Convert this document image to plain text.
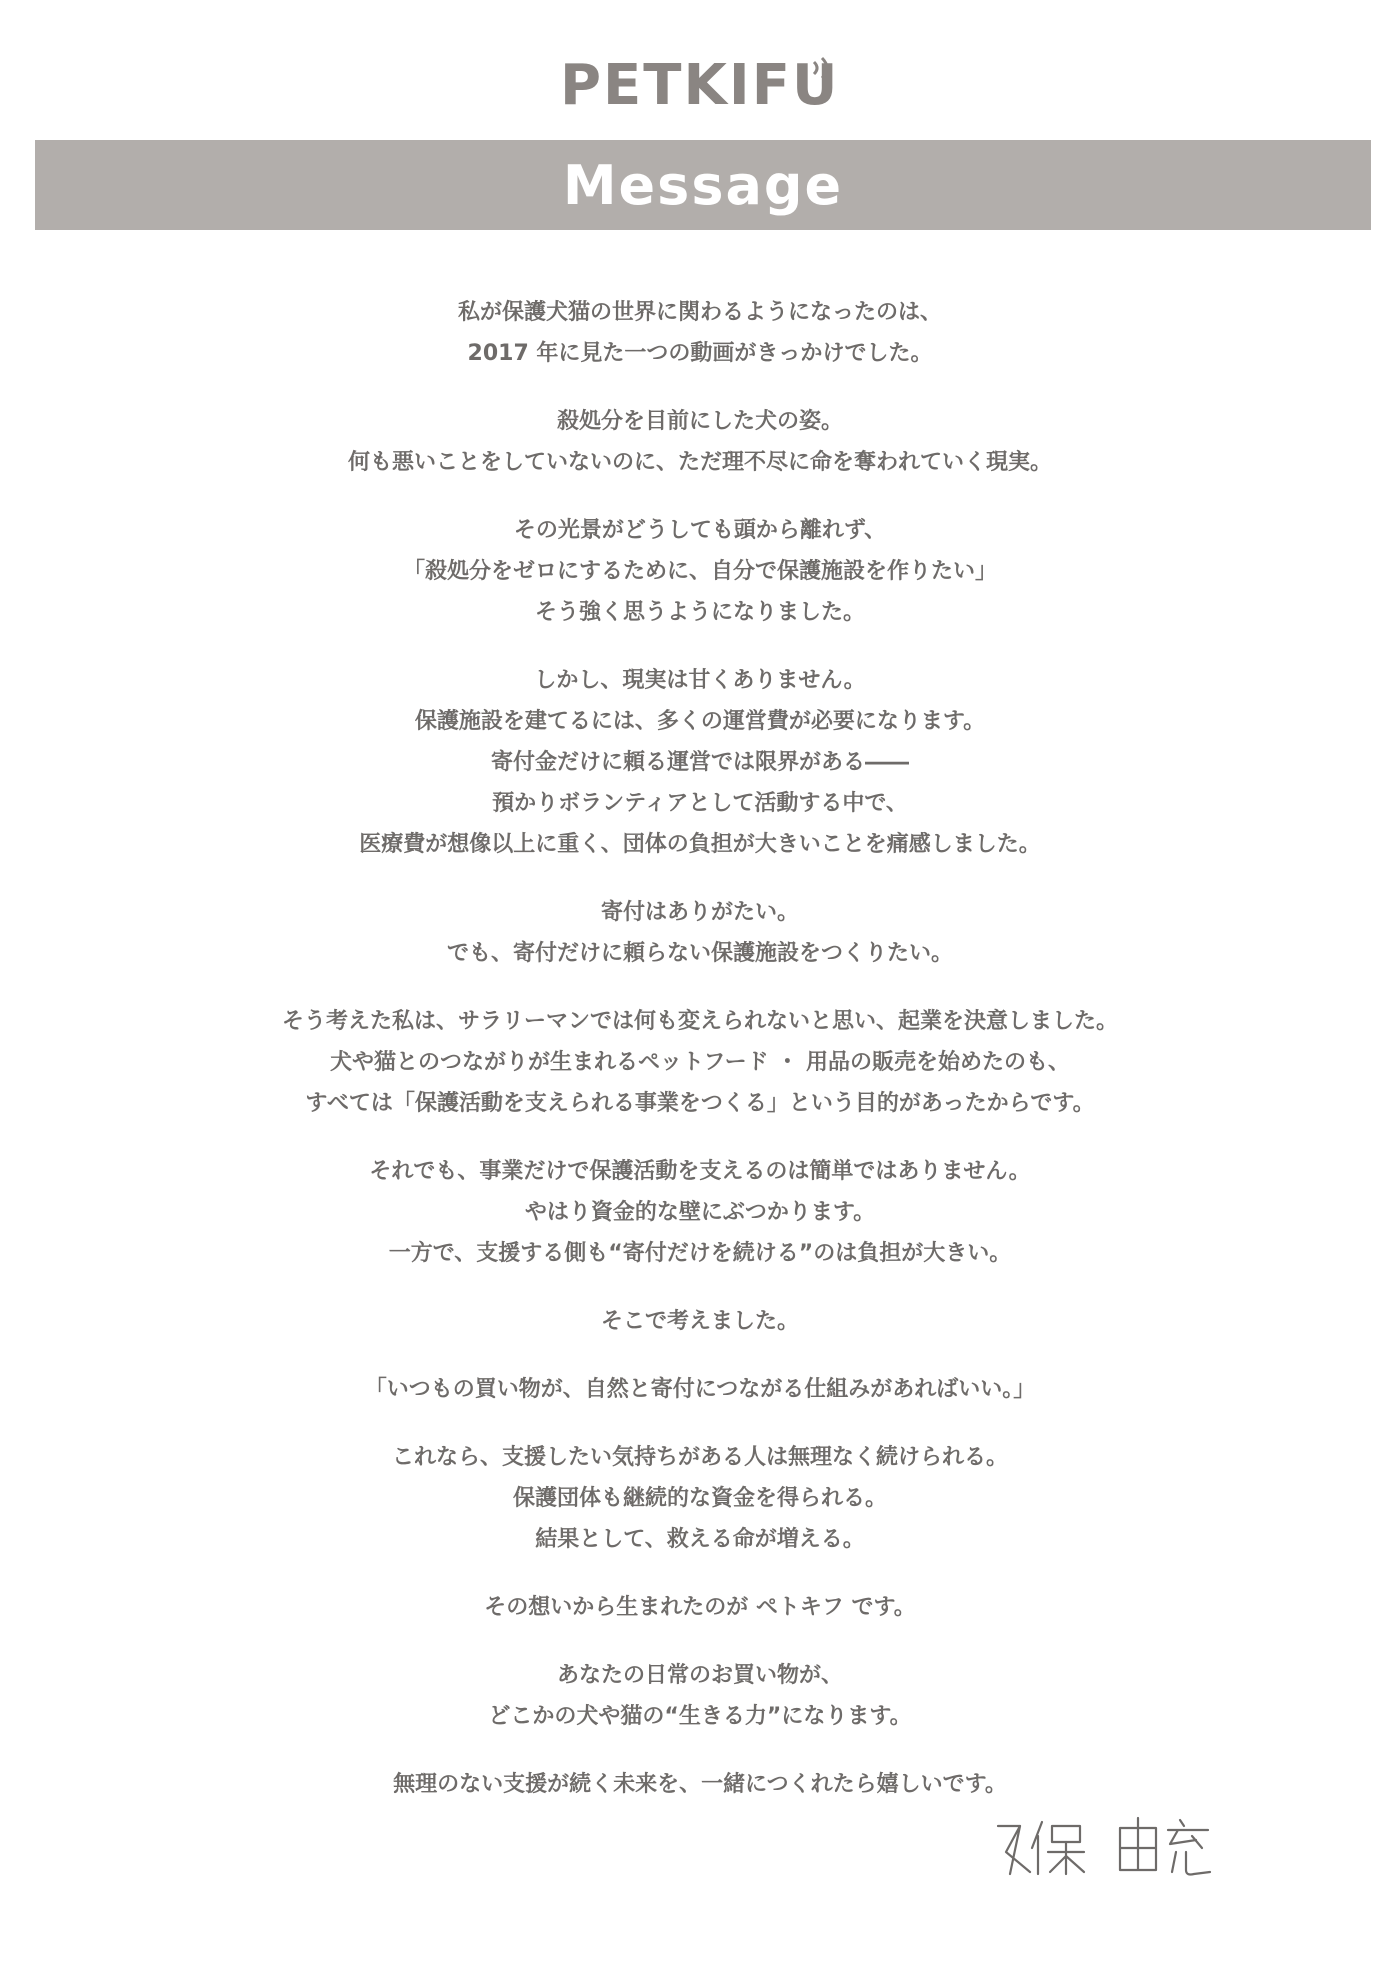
PETKIFU
Message
私が保護犬猫の世界に関わるようになったのは、
2017 年に見た一つの動画がきっかけでした。
殺処分を目前にした犬の姿。
何も悪いことをしていないのに、ただ理不尽に命を奪われていく現実。
その光景がどうしても頭から離れず、
「殺処分をゼロにするために、自分で保護施設を作りたい」
そう強く思うようになりました。
しかし、現実は甘くありません。
保護施設を建てるには、多くの運営費が必要になります。
寄付金だけに頼る運営では限界がある――
預かりボランティアとして活動する中で、
医療費が想像以上に重く、団体の負担が大きいことを痛感しました。
寄付はありがたい。
でも、寄付だけに頼らない保護施設をつくりたい。
そう考えた私は、サラリーマンでは何も変えられないと思い、起業を決意しました。
犬や猫とのつながりが生まれるペットフード ・ 用品の販売を始めたのも、
すべては「保護活動を支えられる事業をつくる」という目的があったからです。
それでも、事業だけで保護活動を支えるのは簡単ではありません。
やはり資金的な壁にぶつかります。
一方で、支援する側も“寄付だけを続ける”のは負担が大きい。
そこで考えました。
「いつもの買い物が、自然と寄付につながる仕組みがあればいい。」
これなら、支援したい気持ちがある人は無理なく続けられる。
保護団体も継続的な資金を得られる。
結果として、救える命が増える。
その想いから生まれたのが ペトキフ です。
あなたの日常のお買い物が、
どこかの犬や猫の“生きる力”になります。
無理のない支援が続く未来を、一緒につくれたら嬉しいです。
